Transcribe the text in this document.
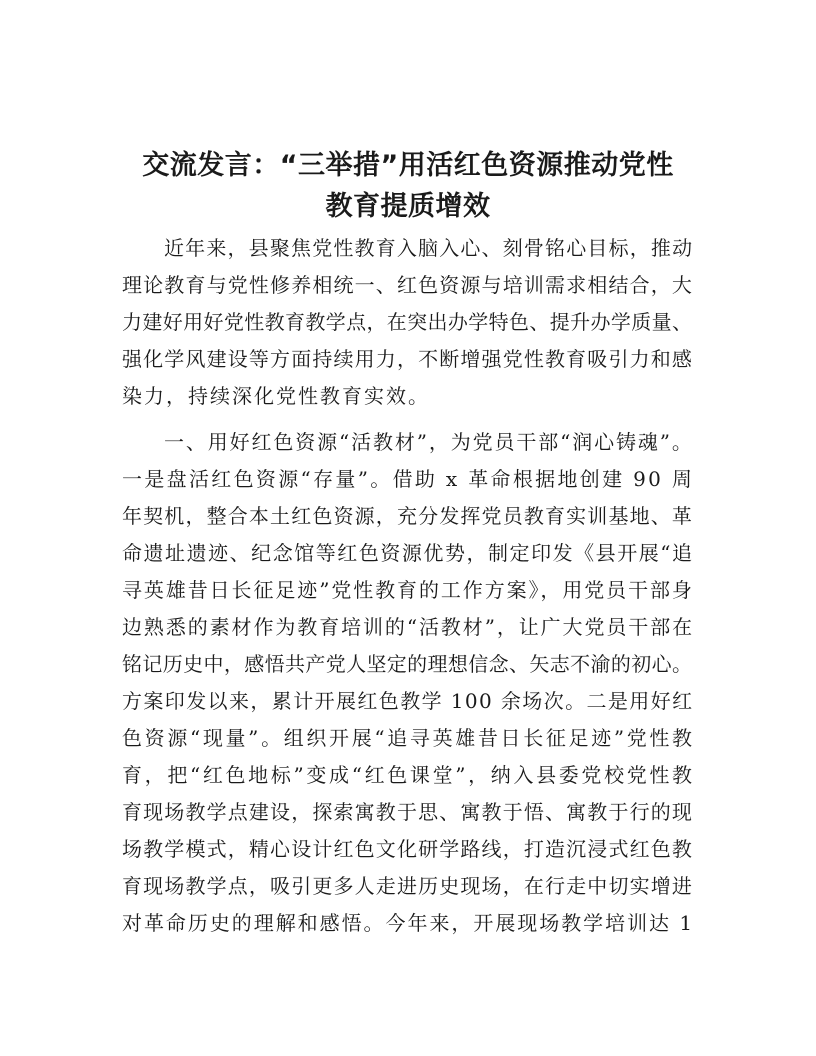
交流发言：“三举措”用活红色资源推动党性
教育提质增效

近年来，县聚焦党性教育入脑入心、刻骨铭心目标，推动

理论教育与党性修养相统一、红色资源与培训需求相结合，大

力建好用好党性教育教学点，在突出办学特色、提升办学质量、

强化学风建设等方面持续用力，不断增强党性教育吸引力和感

染力，持续深化党性教育实效。

一、用好红色资源“活教材”，为党员干部“润心铸魂”。

一是盘活红色资源“存量”。借助 x 革命根据地创建 90 周

年契机，整合本土红色资源，充分发挥党员教育实训基地、革

命遗址遗迹、纪念馆等红色资源优势，制定印发《县开展“追

寻英雄昔日长征足迹”党性教育的工作方案》，用党员干部身

边熟悉的素材作为教育培训的“活教材”，让广大党员干部在

铭记历史中，感悟共产党人坚定的理想信念、矢志不渝的初心。

方案印发以来，累计开展红色教学 100 余场次。二是用好红

色资源“现量”。组织开展“追寻英雄昔日长征足迹”党性教

育，把“红色地标”变成“红色课堂”，纳入县委党校党性教

育现场教学点建设，探索寓教于思、寓教于悟、寓教于行的现

场教学模式，精心设计红色文化研学路线，打造沉浸式红色教

育现场教学点，吸引更多人走进历史现场，在行走中切实增进

对革命历史的理解和感悟。今年来，开展现场教学培训达 1
